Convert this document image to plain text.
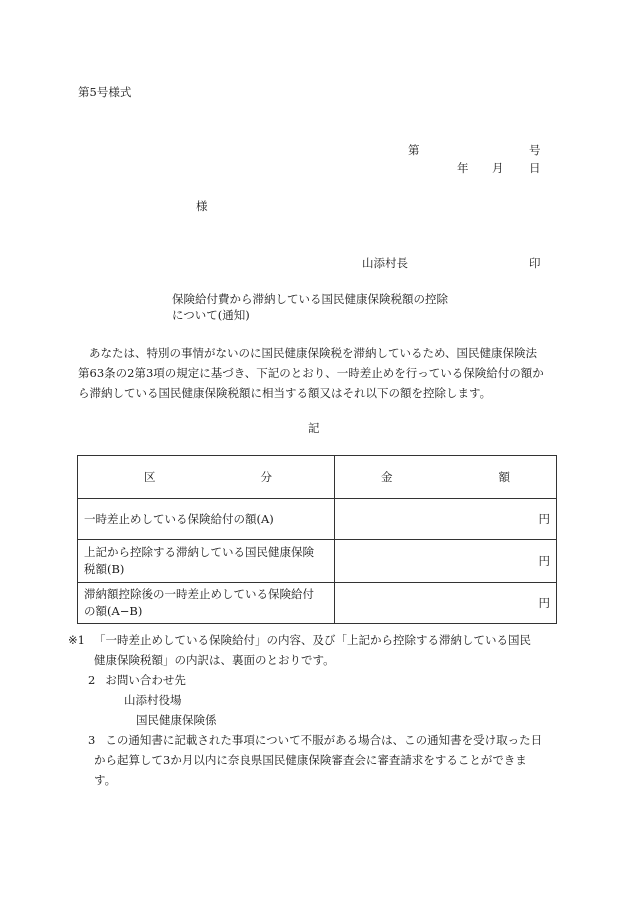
第5号様式
第	号
年 月 日
様
山添村長	印
保険給付費から滞納している国民健康保険税額の控除
について(通知)
あなたは、特別の事情がないのに国民健康保険税を滞納しているため、国民健康保険法
第63条の2第3項の規定に基づき、下記のとおり、一時差止めを行っている保険給付の額か
ら滞納している国民健康保険税額に相当する額又はそれ以下の額を控除します。
記
区 分	金 額

一時差止めしている保険給付の額(A)	円

上記から控除する滞納している国民健康保険
税額(B)	円

滞納額控除後の一時差止めしている保険給付
の額(A−B)	円
※1 「一時差止めしている保険給付」の内容、及び「上記から控除する滞納している国民
健康保険税額」の内訳は、裏面のとおりです。
2 お問い合わせ先
山添村役場
国民健康保険係
3 この通知書に記載された事項について不服がある場合は、この通知書を受け取った日
から起算して3か月以内に奈良県国民健康保険審査会に審査請求をすることができま
す。
